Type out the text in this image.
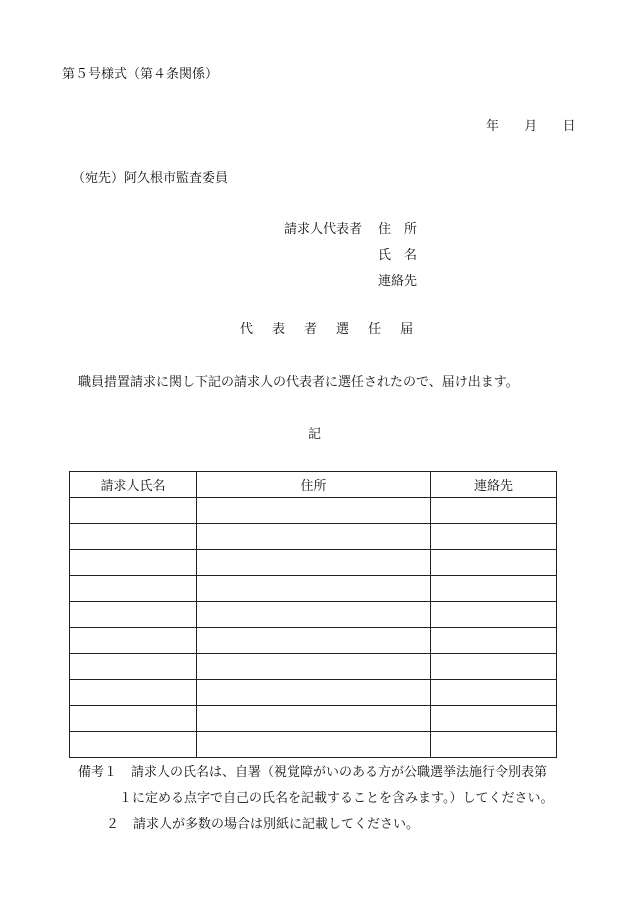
第５号様式（第４条関係）
年 月 日
（宛先）阿久根市監査委員
請求人代表者 住　所
氏　名
連絡先
代 表 者 選 任 届
職員措置請求に関し下記の請求人の代表者に選任されたので、届け出ます。
記
請求人氏名	住所	連絡先

備考１ 請求人の氏名は、自署（視覚障がいのある方が公職選挙法施行令別表第
１に定める点字で自己の氏名を記載することを含みます。）してください。
２ 請求人が多数の場合は別紙に記載してください。
